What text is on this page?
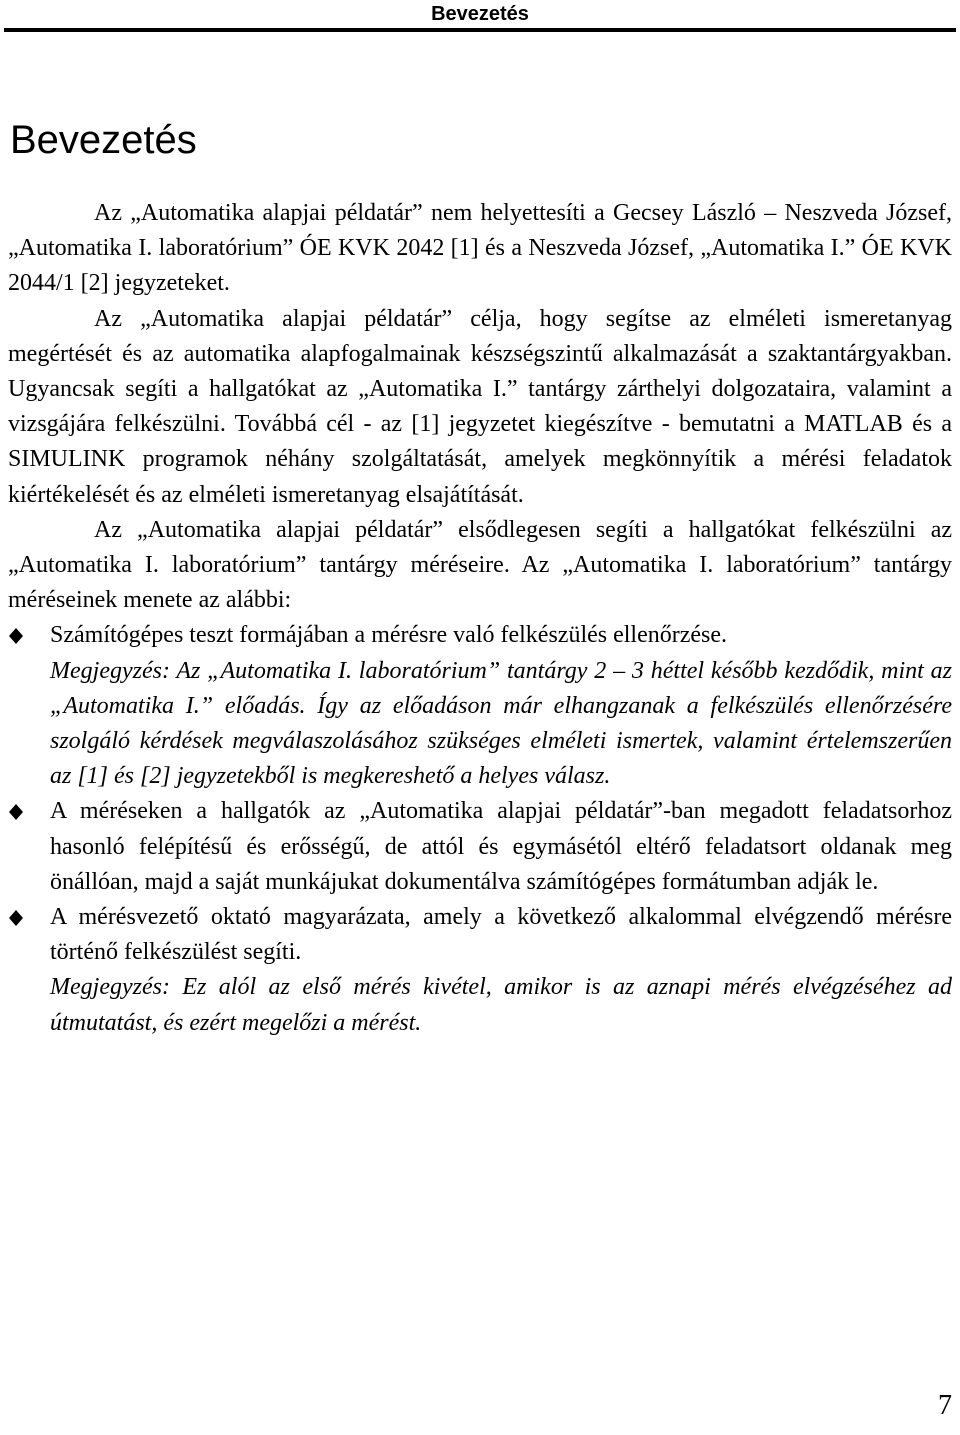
Bevezetés
Bevezetés

Az „Automatika alapjai példatár” nem helyettesíti a Gecsey László – Neszveda József, „Automatika I. laboratórium” ÓE KVK 2042 [1] és a Neszveda József, „Automatika I.” ÓE KVK 2044/1 [2] jegyzeteket.

Az „Automatika alapjai példatár” célja, hogy segítse az elméleti ismeretanyag megértését és az automatika alapfogalmainak készségszintű alkalmazását a szaktantárgyakban. Ugyancsak segíti a hallgatókat az „Automatika I.” tantárgy zárthelyi dolgozataira, valamint a vizsgájára felkészülni. Továbbá cél - az [1] jegyzetet kiegészítve - bemutatni a MATLAB és a SIMULINK programok néhány szolgáltatását, amelyek megkönnyítik a mérési feladatok kiértékelését és az elméleti ismeretanyag elsajátítását.

Az „Automatika alapjai példatár” elsődlegesen segíti a hallgatókat felkészülni az „Automatika I. laboratórium” tantárgy méréseire. Az „Automatika I. laboratórium” tantárgy méréseinek menete az alábbi:

Számítógépes teszt formájában a mérésre való felkészülés ellenőrzése.

Megjegyzés: Az „Automatika I. laboratórium” tantárgy 2 – 3 héttel később kezdődik, mint az „Automatika I.” előadás. Így az előadáson már elhangzanak a felkészülés ellenőrzésére szolgáló kérdések megválaszolásához szükséges elméleti ismertek, valamint értelemszerűen az [1] és [2] jegyzetekből is megkereshető a helyes válasz.

A méréseken a hallgatók az „Automatika alapjai példatár”-ban megadott feladatsorhoz hasonló felépítésű és erősségű, de attól és egymásétól eltérő feladatsort oldanak meg önállóan, majd a saját munkájukat dokumentálva számítógépes formátumban adják le.

A mérésvezető oktató magyarázata, amely a következő alkalommal elvégzendő mérésre történő felkészülést segíti.

Megjegyzés: Ez alól az első mérés kivétel, amikor is az aznapi mérés elvégzéséhez ad útmutatást, és ezért megelőzi a mérést.

7
